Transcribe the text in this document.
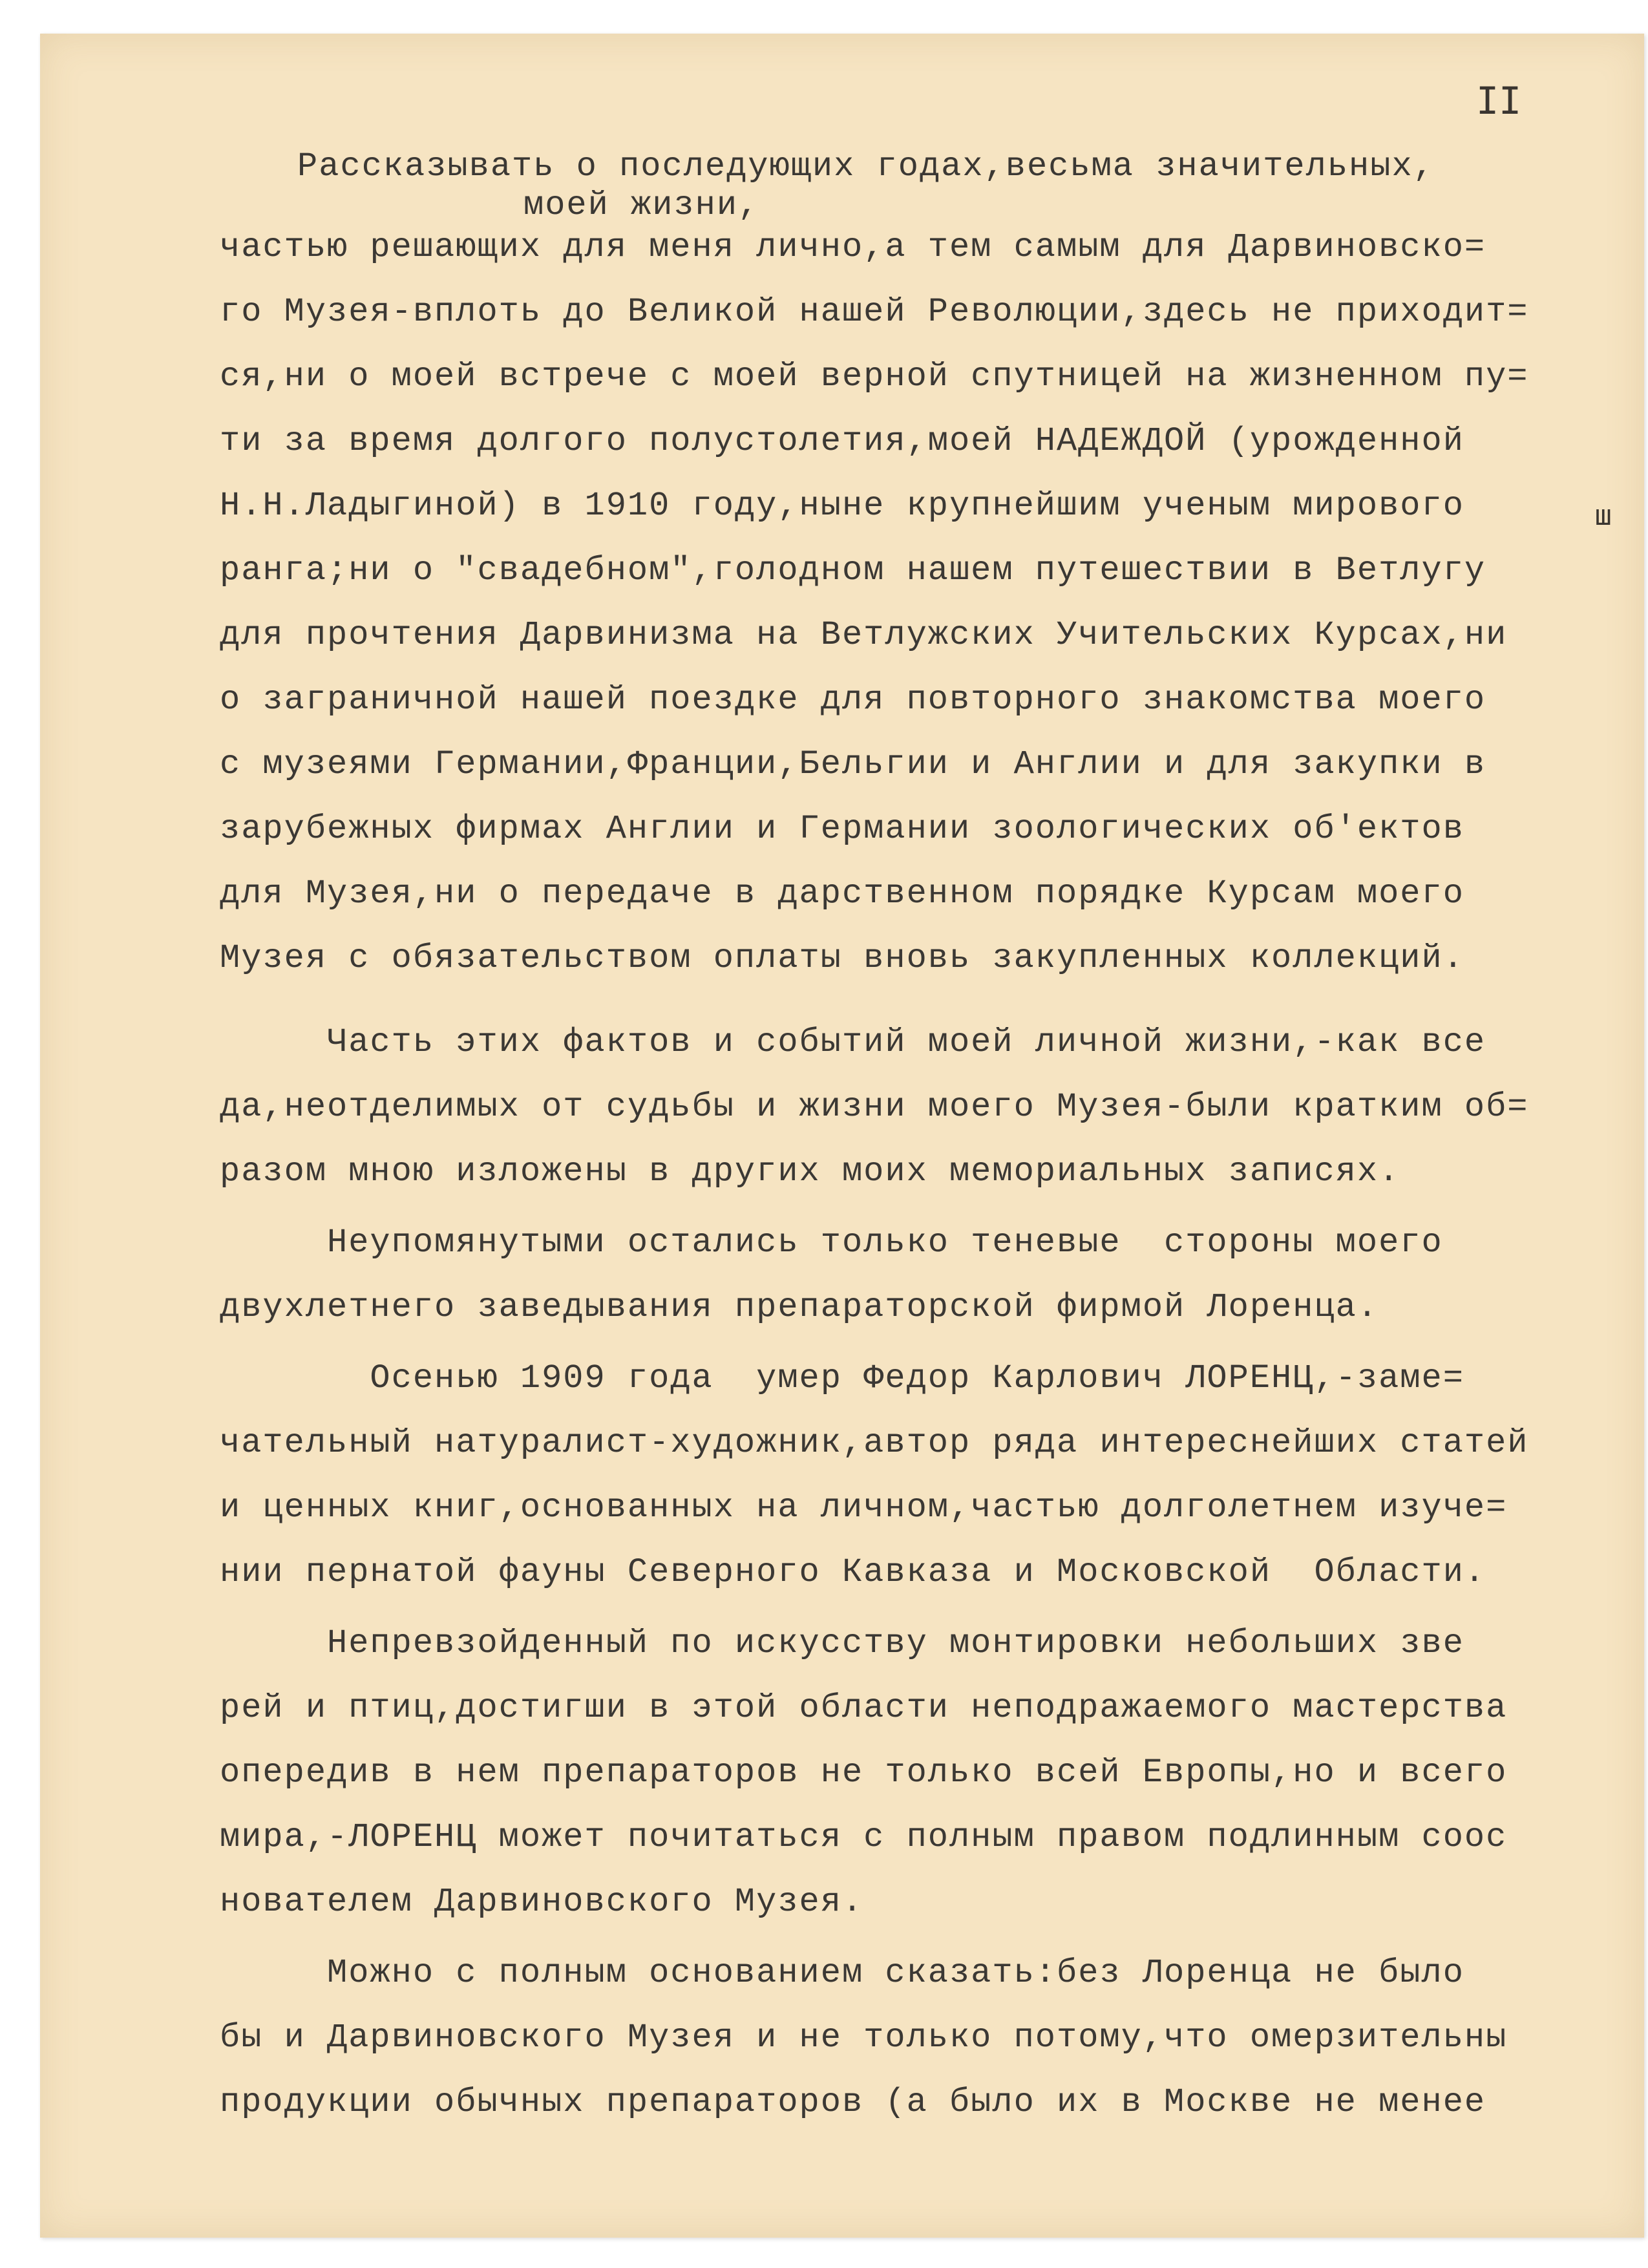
II
ш
Рассказывать о последующих годах,весьма значительных,
моей жизни,
частью решающих для меня лично,а тем самым для Дарвиновско=
го Музея-вплоть до Великой нашей Революции,здесь не приходит=
ся,ни о моей встрече с моей верной спутницей на жизненном пу=
ти за время долгого полустолетия,моей НАДЕЖДОЙ (урожденной
Н.Н.Ладыгиной) в 1910 году,ныне крупнейшим ученым мирового
ранга;ни о "свадебном",голодном нашем путешествии в Ветлугу
для прочтения Дарвинизма на Ветлужских Учительских Курсах,ни
о заграничной нашей поездке для повторного знакомства моего
с музеями Германии,Франции,Бельгии и Англии и для закупки в
зарубежных фирмах Англии и Германии зоологических об'ектов
для Музея,ни о передаче в дарственном порядке Курсам моего
Музея с обязательством оплаты вновь закупленных коллекций.
Часть этих фактов и событий моей личной жизни,-как все
да,неотделимых от судьбы и жизни моего Музея-были кратким об=
разом мною изложены в других моих мемориальных записях.
Неупомянутыми остались только теневые  стороны моего
двухлетнего заведывания препараторской фирмой Лоренца.
Осенью 1909 года  умер Федор Карлович ЛОРЕНЦ,-заме=
чательный натуралист-художник,автор ряда интереснейших статей
и ценных книг,основанных на личном,частью долголетнем изуче=
нии пернатой фауны Северного Кавказа и Московской  Области.
Непревзойденный по искусству монтировки небольших зве
рей и птиц,достигши в этой области неподражаемого мастерства
опередив в нем препараторов не только всей Европы,но и всего
мира,-ЛОРЕНЦ может почитаться с полным правом подлинным соос
нователем Дарвиновского Музея.
Можно с полным основанием сказать:без Лоренца не было
бы и Дарвиновского Музея и не только потому,что омерзительны
продукции обычных препараторов (а было их в Москве не менее
